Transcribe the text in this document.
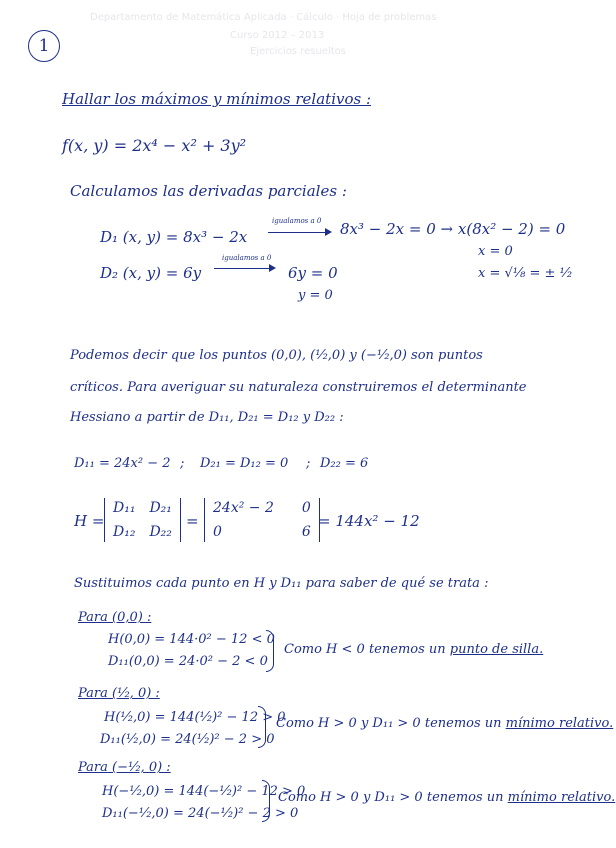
Departamento de Matemática Aplicada · Cálculo · Hoja de problemas
Curso 2012 – 2013
Ejercicios resueltos
1
Hallar los máximos y mínimos relativos :
f(x, y) = 2x⁴ − x² + 3y²
Calculamos las derivadas parciales :
D₁ (x, y) = 8x³ − 2x
igualamos a 0 8x³ − 2x = 0 → x(8x² − 2) = 0
x = 0
x = √¹⁄₈ = ± ¹⁄₂
D₂ (x, y) = 6y
igualamos a 0
6y = 0
y = 0
Podemos decir que los puntos (0,0), (¹⁄₂,0) y (−¹⁄₂,0) son puntos
críticos. Para averiguar su naturaleza construiremos el determinante
Hessiano a partir de D₁₁, D₂₁ = D₁₂ y D₂₂ :
D₁₁ = 24x² − 2 ; D₂₁ = D₁₂ = 0 ; D₂₂ = 6
H =
D₁₁ D₂₁
D₁₂ D₂₂
=
24x² − 2 0
0	6
= 144x² − 12
Sustituimos cada punto en H y D₁₁ para saber de qué se trata :
Para (0,0) :
H(0,0) = 144·0² − 12 < 0
D₁₁(0,0) = 24·0² − 2 < 0
Como H < 0 tenemos un punto de silla.
Para (¹⁄₂, 0) :
H(¹⁄₂,0) = 144(¹⁄₂)² − 12 > 0
D₁₁(¹⁄₂,0) = 24(¹⁄₂)² − 2 > 0
Como H > 0 y D₁₁ > 0 tenemos un mínimo relativo.
Para (−¹⁄₂, 0) :
H(−¹⁄₂,0) = 144(−¹⁄₂)² − 12 > 0
D₁₁(−¹⁄₂,0) = 24(−¹⁄₂)² − 2 > 0
Como H > 0 y D₁₁ > 0 tenemos un mínimo relativo.
